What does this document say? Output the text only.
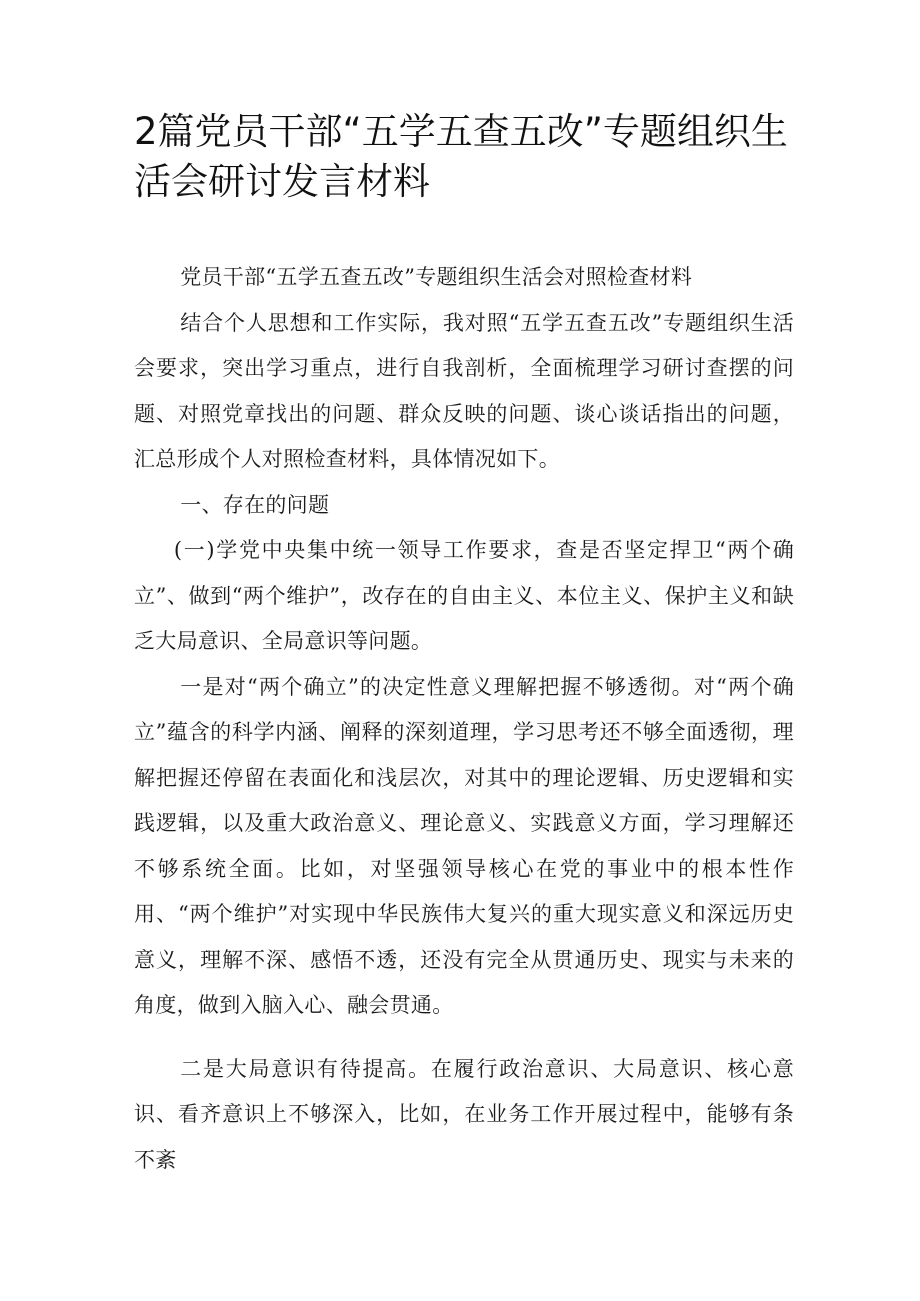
2篇党员干部“五学五查五改”专题组织生活会研讨发言材料

党员干部“五学五查五改”专题组织生活会对照检查材料

结合个人思想和工作实际，我对照“五学五查五改”专题组织生活会要求，突出学习重点，进行自我剖析，全面梳理学习研讨查摆的问题、对照党章找出的问题、群众反映的问题、谈心谈话指出的问题，汇总形成个人对照检查材料，具体情况如下。

一、存在的问题

(一)学党中央集中统一领导工作要求，查是否坚定捍卫“两个确立”、做到“两个维护”，改存在的自由主义、本位主义、保护主义和缺乏大局意识、全局意识等问题。

一是对“两个确立”的决定性意义理解把握不够透彻。对“两个确立”蕴含的科学内涵、阐释的深刻道理，学习思考还不够全面透彻，理解把握还停留在表面化和浅层次，对其中的理论逻辑、历史逻辑和实践逻辑，以及重大政治意义、理论意义、实践意义方面，学习理解还不够系统全面。比如，对坚强领导核心在党的事业中的根本性作用、“两个维护”对实现中华民族伟大复兴的重大现实意义和深远历史意义，理解不深、感悟不透，还没有完全从贯通历史、现实与未来的角度，做到入脑入心、融会贯通。

二是大局意识有待提高。在履行政治意识、大局意识、核心意识、看齐意识上不够深入，比如，在业务工作开展过程中，能够有条不紊
